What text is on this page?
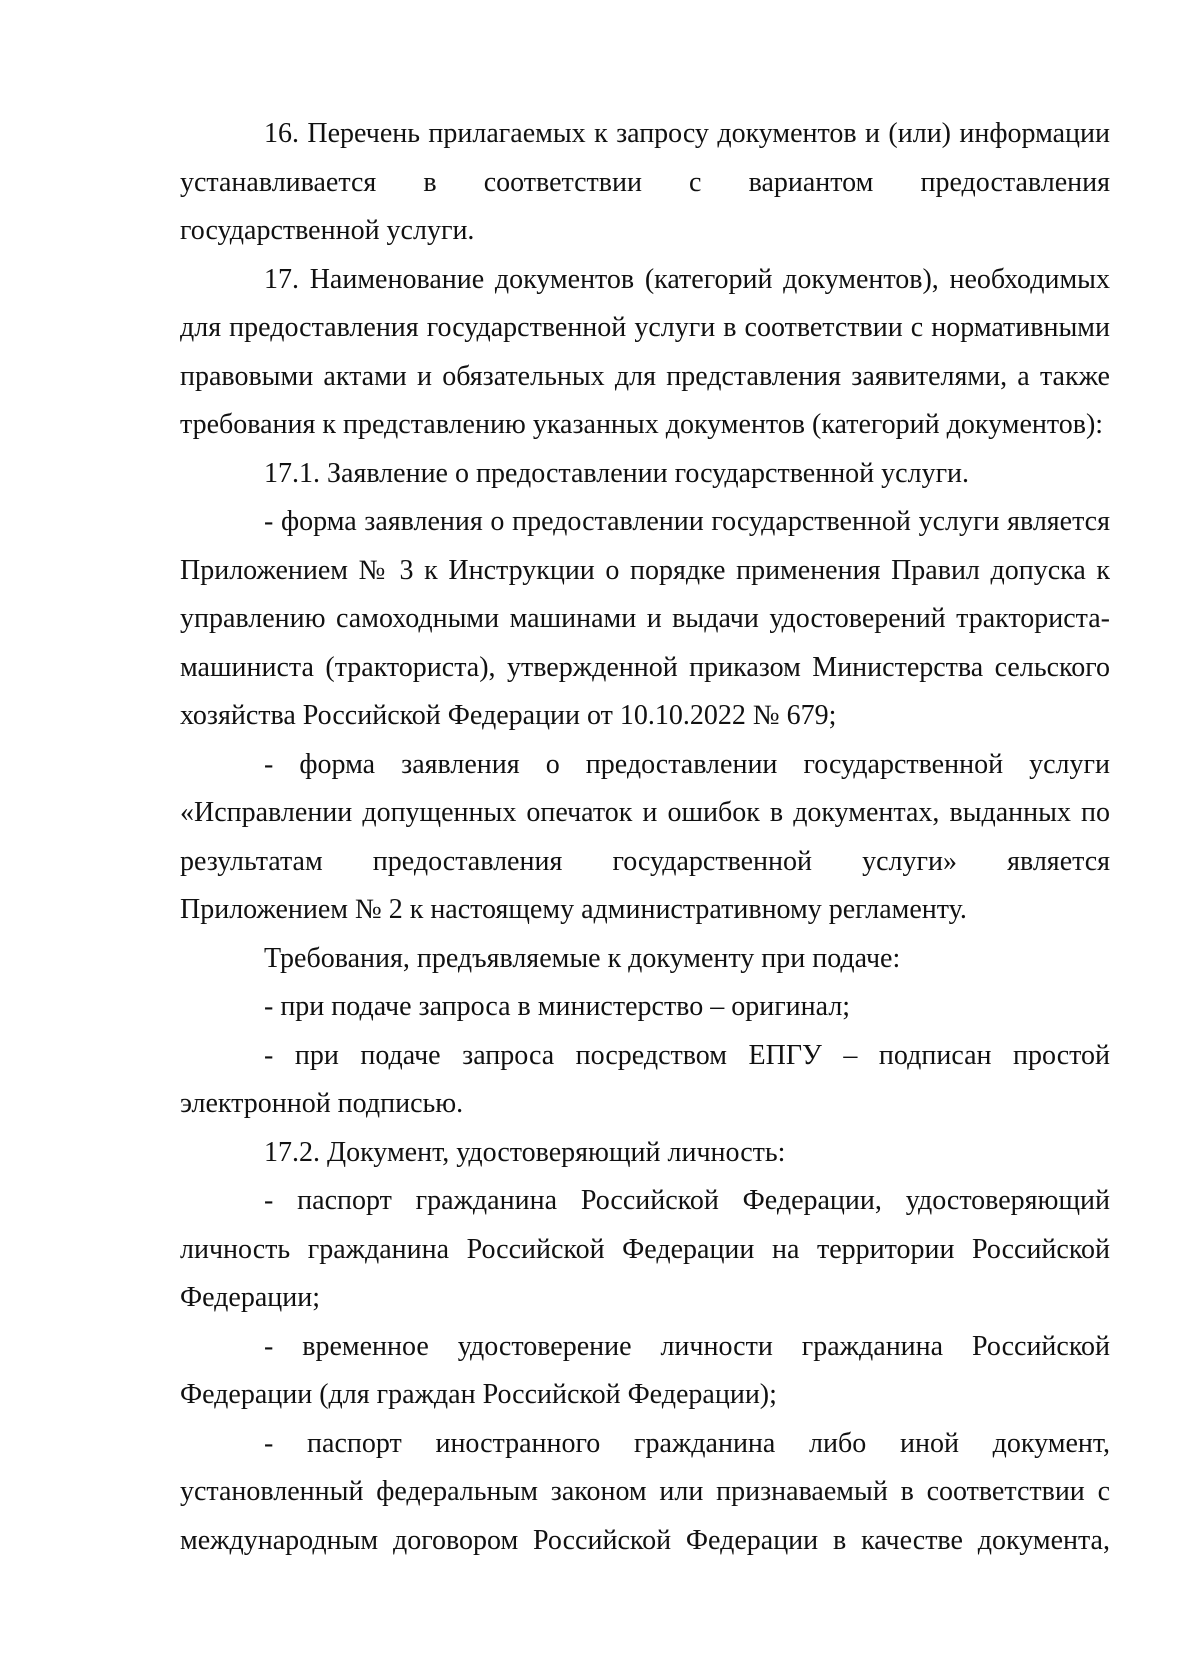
16. Перечень прилагаемых к запросу документов и (или) информации устанавливается в соответствии с вариантом предоставления государственной услуги.

17. Наименование документов (категорий документов), необходимых для предоставления государственной услуги в соответствии с нормативными правовыми актами и обязательных для представления заявителями, а также требования к представлению указанных документов (категорий документов):

17.1. Заявление о предоставлении государственной услуги.

- форма заявления о предоставлении государственной услуги является Приложением № 3 к Инструкции о порядке применения Правил допуска к управлению самоходными машинами и выдачи удостоверений тракториста-машиниста (тракториста), утвержденной приказом Министерства сельского хозяйства Российской Федерации от 10.10.2022 № 679;

- форма заявления о предоставлении государственной услуги «Исправлении допущенных опечаток и ошибок в документах, выданных по результатам предоставления государственной услуги» является Приложением № 2 к настоящему административному регламенту.

Требования, предъявляемые к документу при подаче:

- при подаче запроса в министерство – оригинал;

- при подаче запроса посредством ЕПГУ – подписан простой электронной подписью.

17.2. Документ, удостоверяющий личность:

- паспорт гражданина Российской Федерации, удостоверяющий личность гражданина Российской Федерации на территории Российской Федерации;

- временное удостоверение личности гражданина Российской Федерации (для граждан Российской Федерации);

- паспорт иностранного гражданина либо иной документ, установленный федеральным законом или признаваемый в соответствии с международным договором Российской Федерации в качестве документа,
